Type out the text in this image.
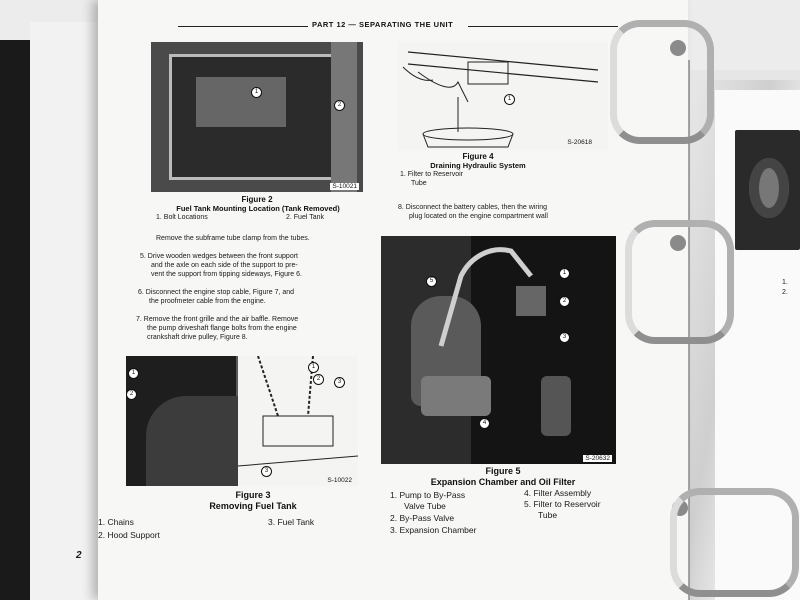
1.
2.
PART 12 — SEPARATING THE UNIT
1
2
S-10021
Figure 2
Fuel Tank Mounting Location (Tank Removed)
1. Bolt Locations	2. Fuel Tank
1
S-20618
Figure 4
Draining Hydraulic System
1. Filter to Reservoir
Tube
8. Disconnect the battery cables, then the wiring
plug located on the engine compartment wall
Remove the subframe tube clamp from the tubes.
5. Drive wooden wedges between the front support
and the axle on each side of the support to pre-
vent the support from tipping sideways, Figure 6.
6. Disconnect the engine stop cable, Figure 7, and
the proofmeter cable from the engine.
7. Remove the front grille and the air baffle. Remove
the pump driveshaft flange bolts from the engine
crankshaft drive pulley, Figure 8.
1
2
1
2	3
3
S-10022
Figure 3
Removing Fuel Tank
1. Chains
2. Hood Support
3. Fuel Tank
2
5
1
2
3
4
S-20632
Figure 5
Expansion Chamber and Oil Filter
1. Pump to By-Pass
Valve Tube
2. By-Pass Valve
3. Expansion Chamber
4. Filter Assembly
5. Filter to Reservoir
Tube
